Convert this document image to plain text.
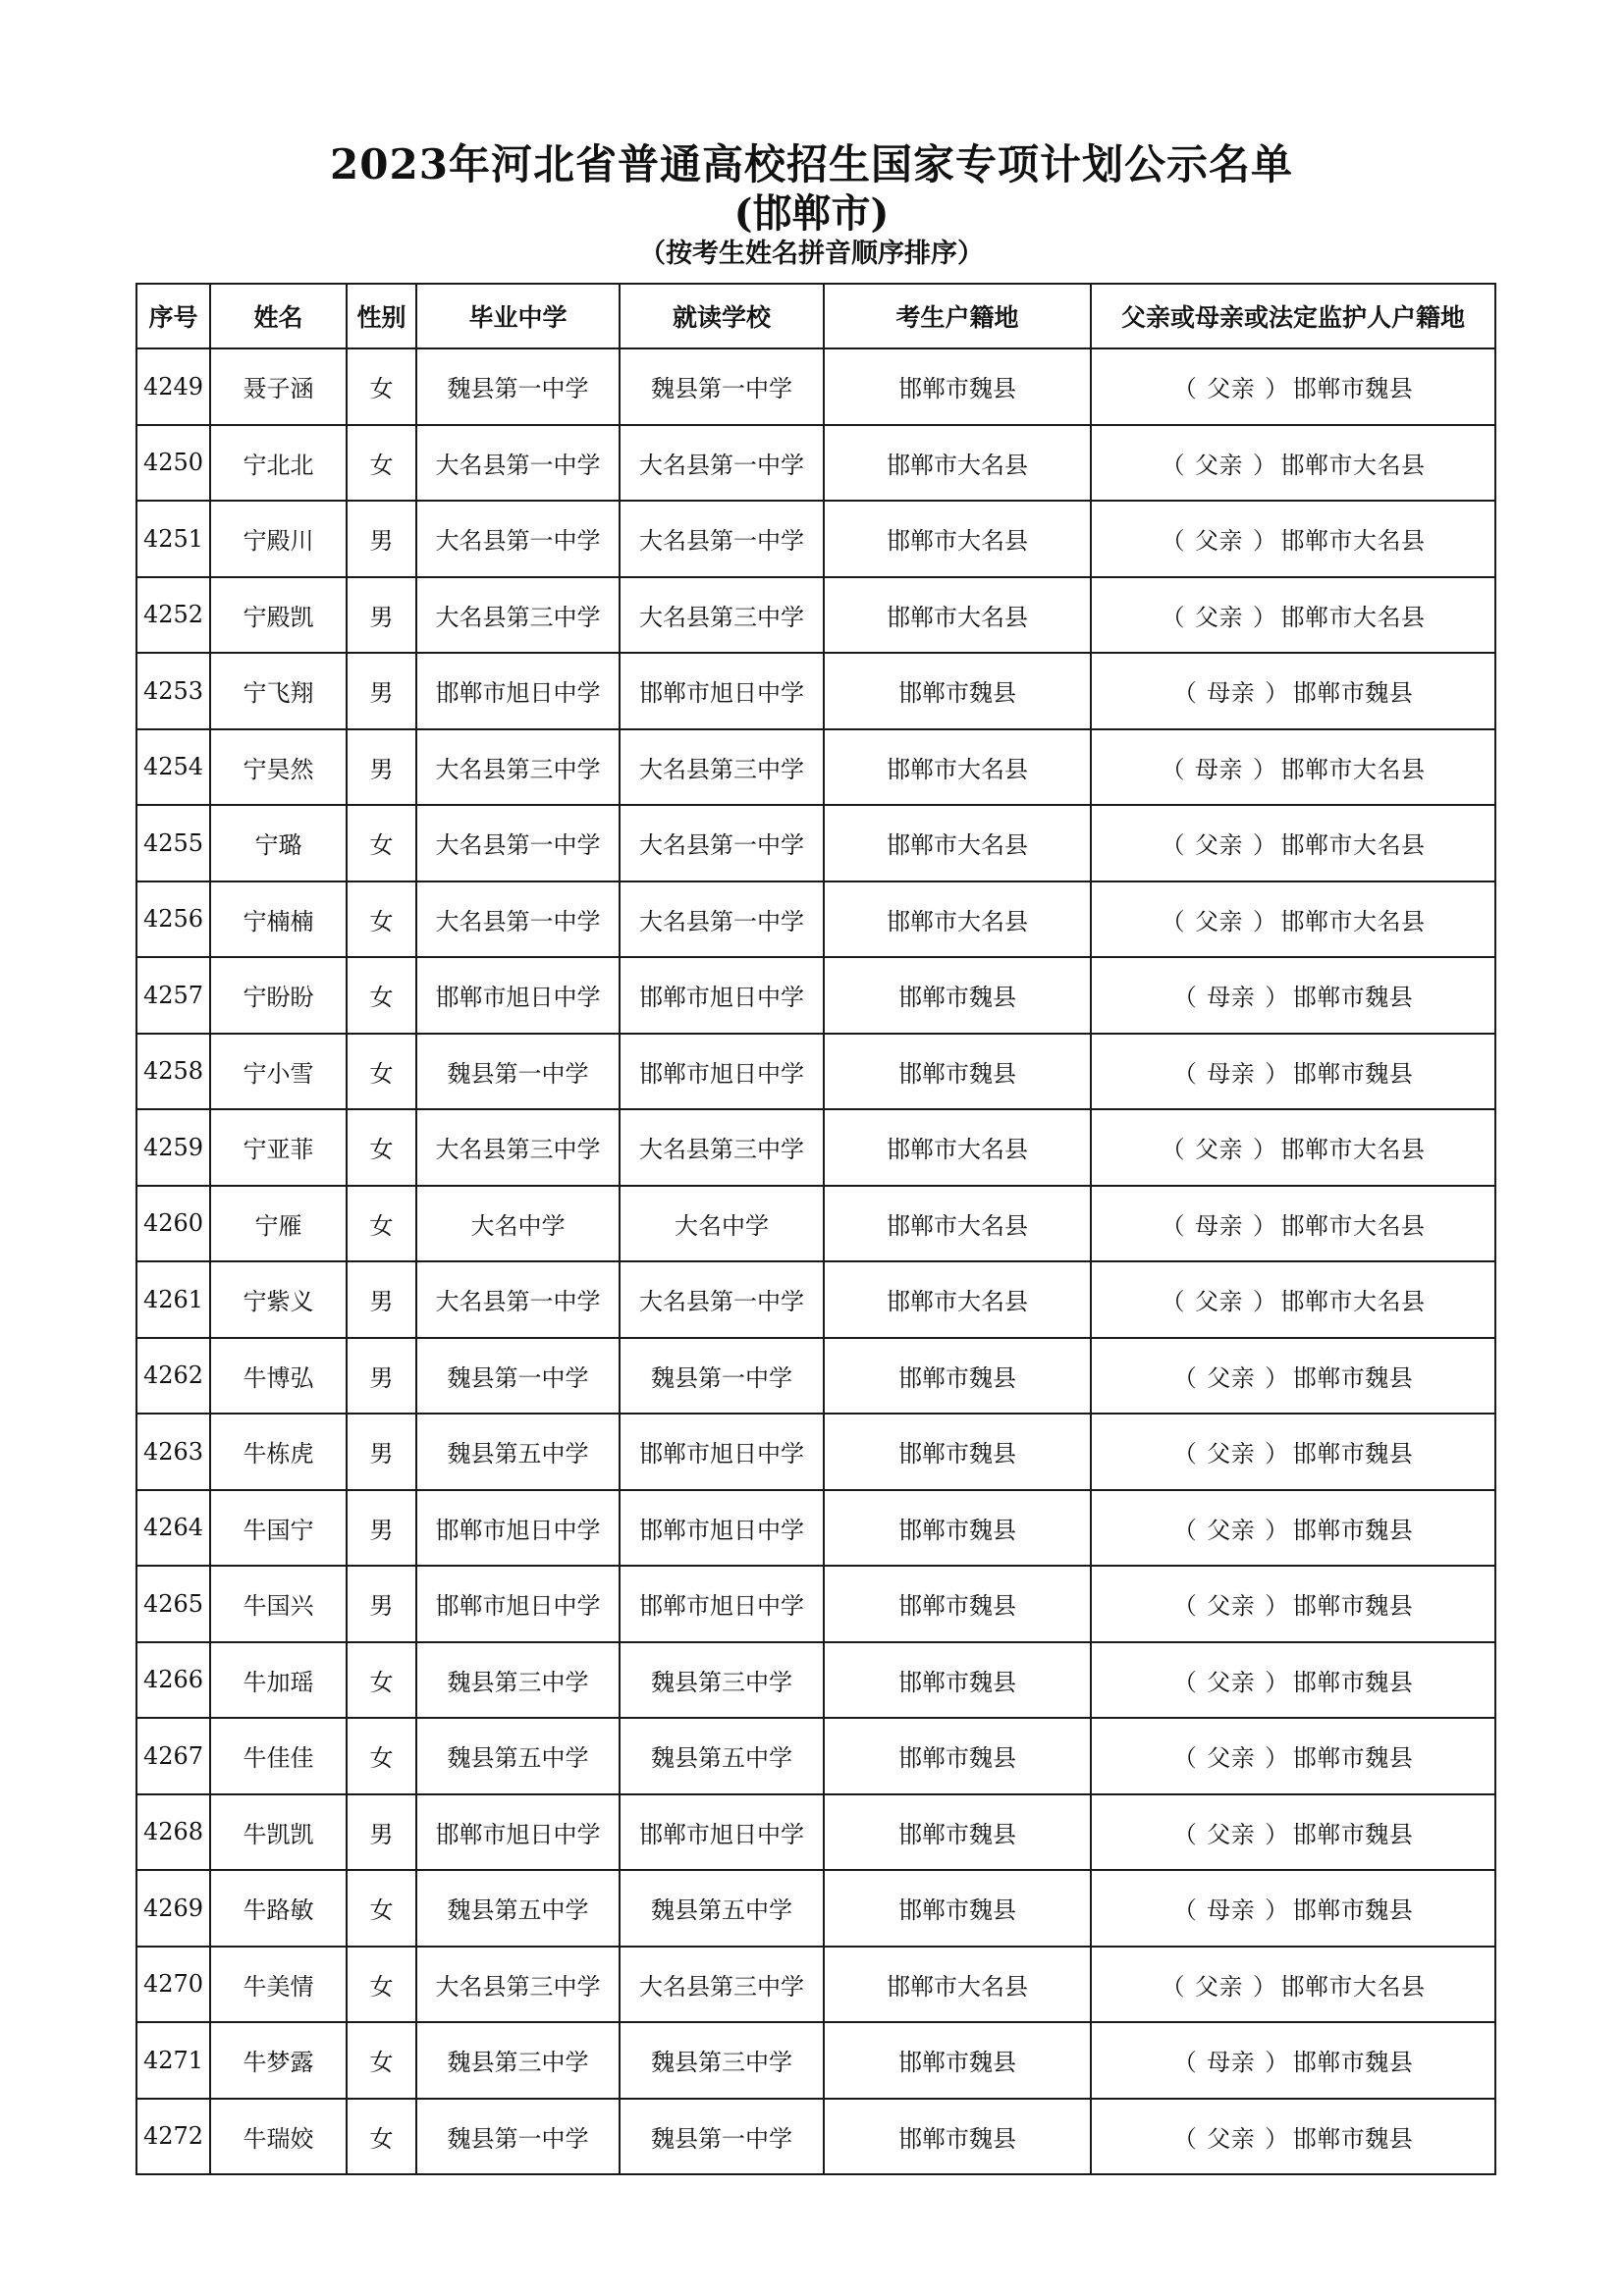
2023年河北省普通高校招生国家专项计划公示名单
(邯郸市)
（按考生姓名拼音顺序排序）
序号	姓名	性别	毕业中学	就读学校	考生户籍地	父亲或母亲或法定监护人户籍地
4249	聂子涵	女	魏县第一中学	魏县第一中学	邯郸市魏县	（ 父亲 ） 邯郸市魏县
4250	宁北北	女	大名县第一中学	大名县第一中学	邯郸市大名县	（ 父亲 ） 邯郸市大名县
4251	宁殿川	男	大名县第一中学	大名县第一中学	邯郸市大名县	（ 父亲 ） 邯郸市大名县
4252	宁殿凯	男	大名县第三中学	大名县第三中学	邯郸市大名县	（ 父亲 ） 邯郸市大名县
4253	宁飞翔	男	邯郸市旭日中学	邯郸市旭日中学	邯郸市魏县	（ 母亲 ） 邯郸市魏县
4254	宁昊然	男	大名县第三中学	大名县第三中学	邯郸市大名县	（ 母亲 ） 邯郸市大名县
4255	宁璐	女	大名县第一中学	大名县第一中学	邯郸市大名县	（ 父亲 ） 邯郸市大名县
4256	宁楠楠	女	大名县第一中学	大名县第一中学	邯郸市大名县	（ 父亲 ） 邯郸市大名县
4257	宁盼盼	女	邯郸市旭日中学	邯郸市旭日中学	邯郸市魏县	（ 母亲 ） 邯郸市魏县
4258	宁小雪	女	魏县第一中学	邯郸市旭日中学	邯郸市魏县	（ 母亲 ） 邯郸市魏县
4259	宁亚菲	女	大名县第三中学	大名县第三中学	邯郸市大名县	（ 父亲 ） 邯郸市大名县
4260	宁雁	女	大名中学	大名中学	邯郸市大名县	（ 母亲 ） 邯郸市大名县
4261	宁紫义	男	大名县第一中学	大名县第一中学	邯郸市大名县	（ 父亲 ） 邯郸市大名县
4262	牛博弘	男	魏县第一中学	魏县第一中学	邯郸市魏县	（ 父亲 ） 邯郸市魏县
4263	牛栋虎	男	魏县第五中学	邯郸市旭日中学	邯郸市魏县	（ 父亲 ） 邯郸市魏县
4264	牛国宁	男	邯郸市旭日中学	邯郸市旭日中学	邯郸市魏县	（ 父亲 ） 邯郸市魏县
4265	牛国兴	男	邯郸市旭日中学	邯郸市旭日中学	邯郸市魏县	（ 父亲 ） 邯郸市魏县
4266	牛加瑶	女	魏县第三中学	魏县第三中学	邯郸市魏县	（ 父亲 ） 邯郸市魏县
4267	牛佳佳	女	魏县第五中学	魏县第五中学	邯郸市魏县	（ 父亲 ） 邯郸市魏县
4268	牛凯凯	男	邯郸市旭日中学	邯郸市旭日中学	邯郸市魏县	（ 父亲 ） 邯郸市魏县
4269	牛路敏	女	魏县第五中学	魏县第五中学	邯郸市魏县	（ 母亲 ） 邯郸市魏县
4270	牛美情	女	大名县第三中学	大名县第三中学	邯郸市大名县	（ 父亲 ） 邯郸市大名县
4271	牛梦露	女	魏县第三中学	魏县第三中学	邯郸市魏县	（ 母亲 ） 邯郸市魏县
4272	牛瑞姣	女	魏县第一中学	魏县第一中学	邯郸市魏县	（ 父亲 ） 邯郸市魏县
